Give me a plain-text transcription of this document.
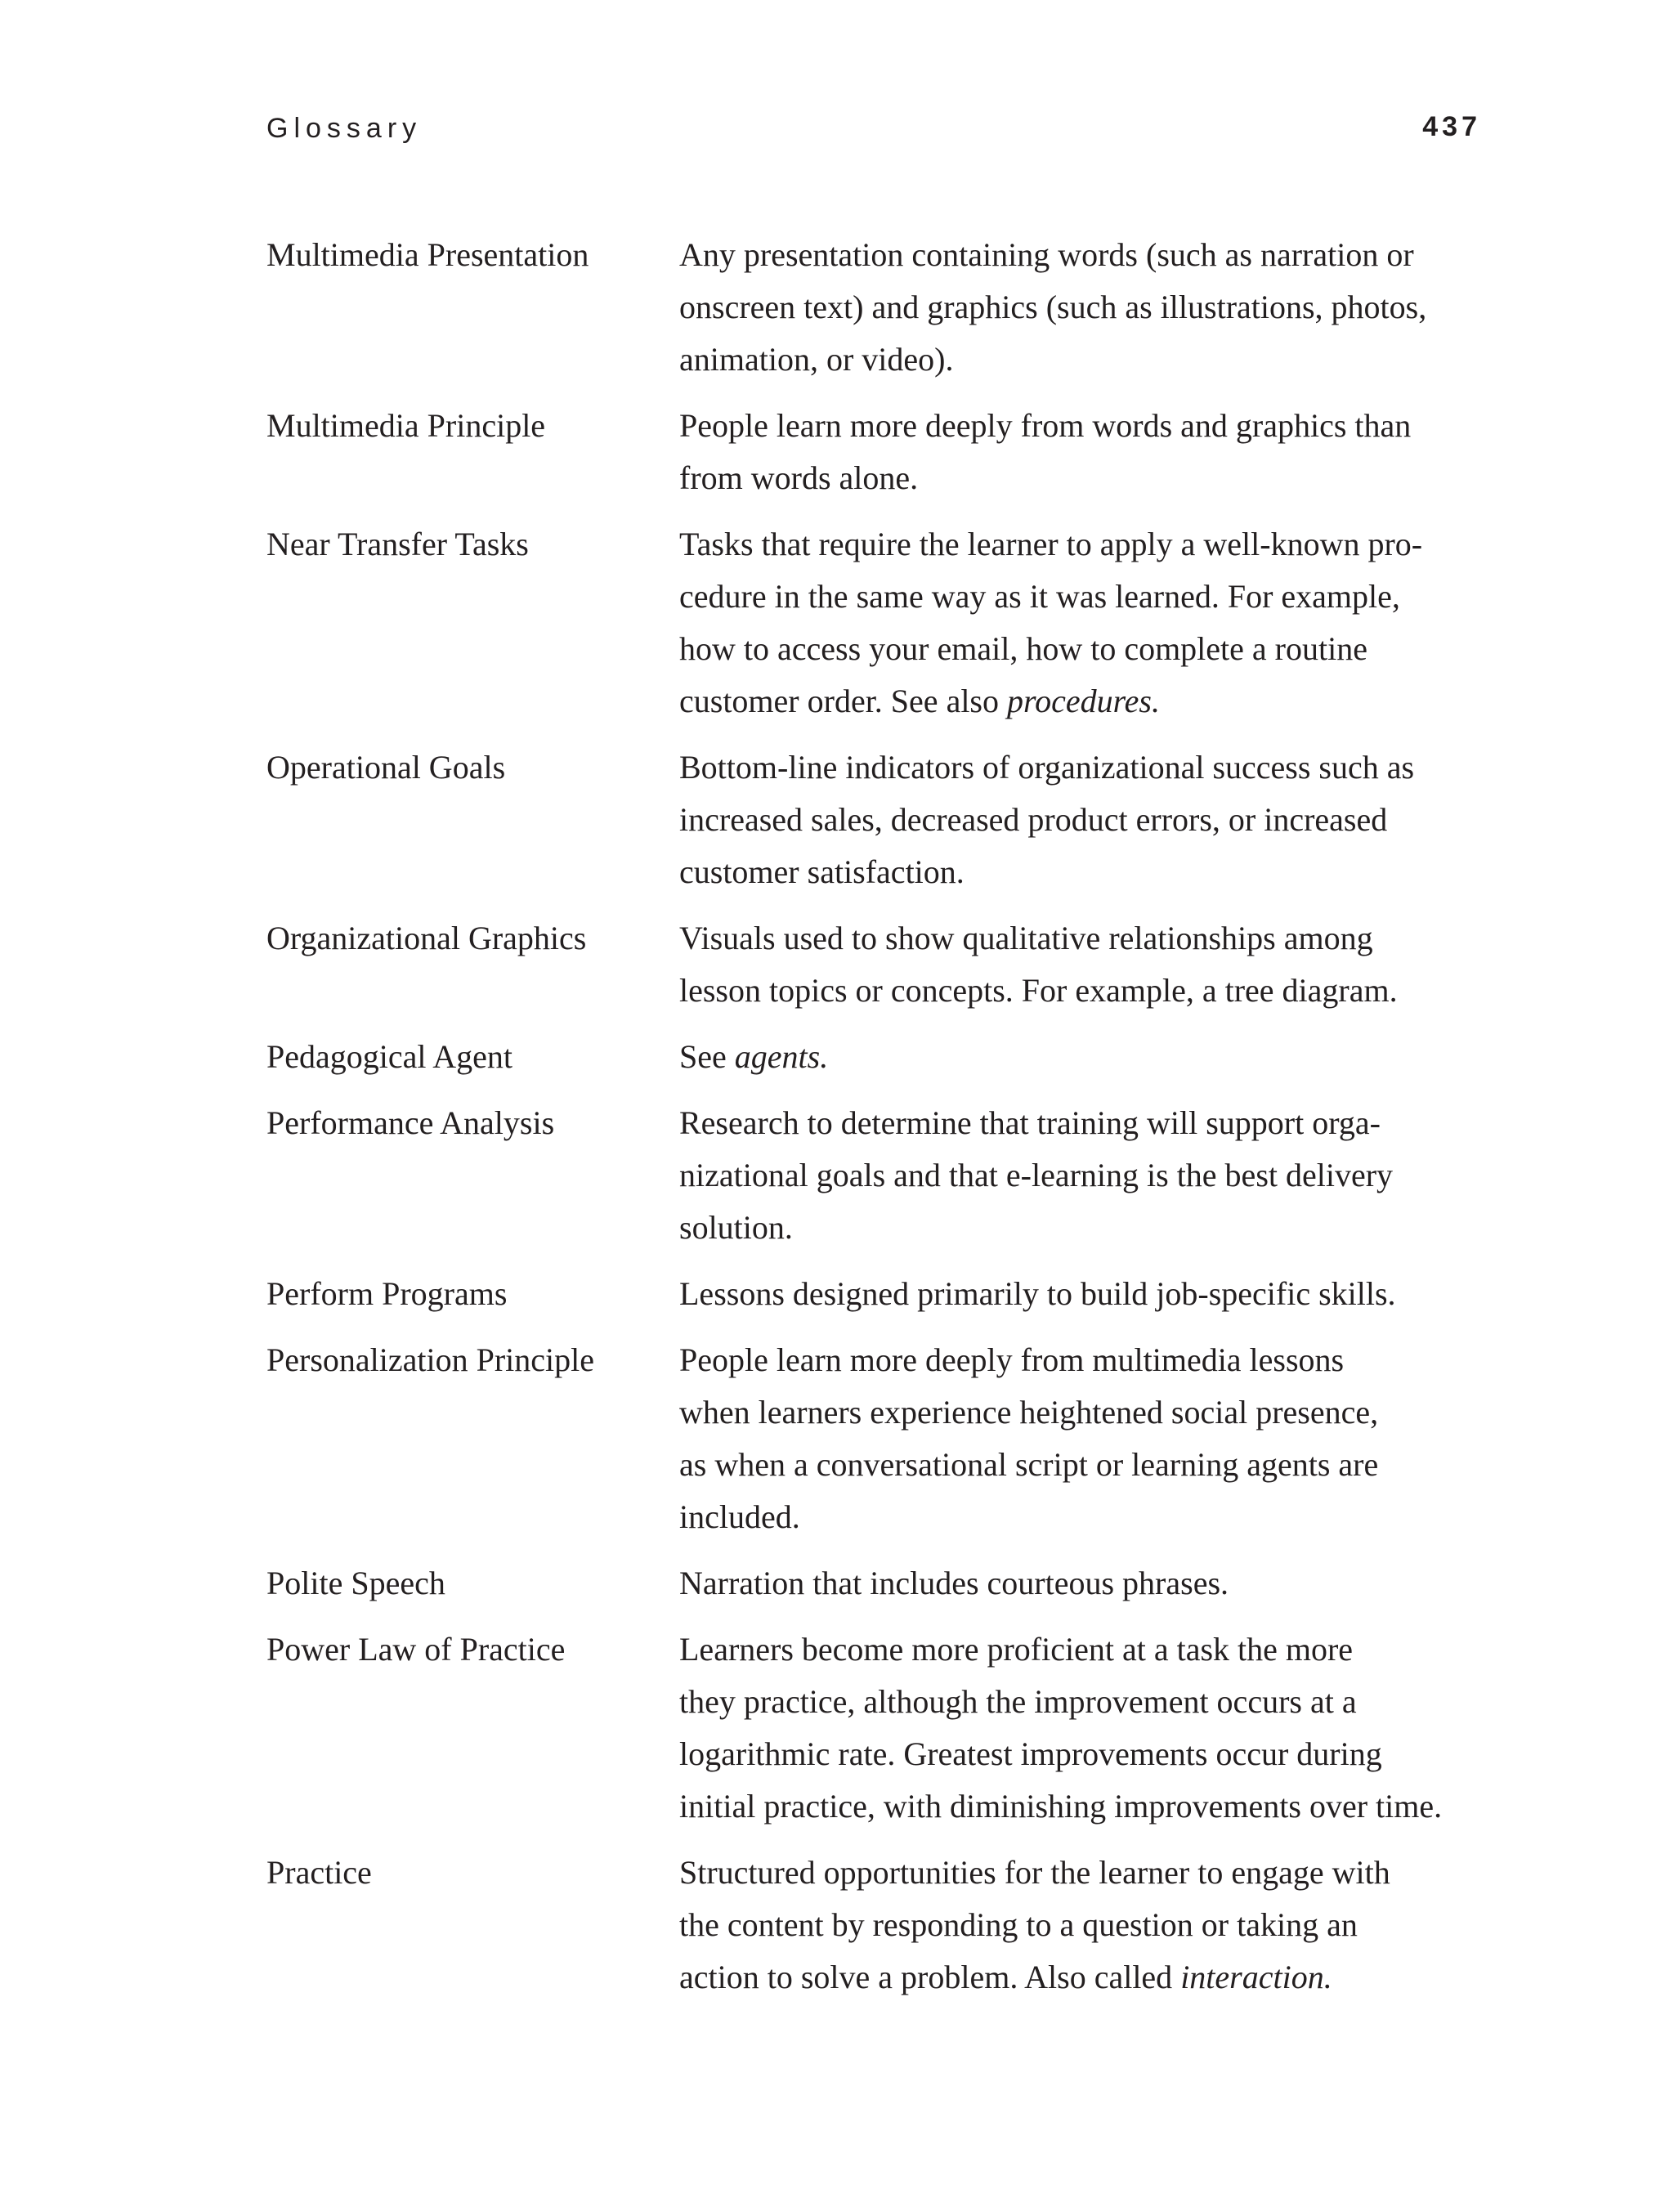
Glossary	437
Multimedia Presentation	Any presentation containing words (such as narration or
onscreen text) and graphics (such as illustrations, photos,
animation, or video).
Multimedia Principle	People learn more deeply from words and graphics than
from words alone.
Near Transfer Tasks	Tasks that require the learner to apply a well-known pro-
cedure in the same way as it was learned. For example,
how to access your email, how to complete a routine
customer order. See also procedures.
Operational Goals	Bottom-line indicators of organizational success such as
increased sales, decreased product errors, or increased
customer satisfaction.
Organizational Graphics	Visuals used to show qualitative relationships among
lesson topics or concepts. For example, a tree diagram.
Pedagogical Agent	See agents.
Performance Analysis	Research to determine that training will support orga-
nizational goals and that e-learning is the best delivery
solution.
Perform Programs	Lessons designed primarily to build job-specific skills.
Personalization Principle	People learn more deeply from multimedia lessons
when learners experience heightened social presence,
as when a conversational script or learning agents are
included.
Polite Speech	Narration that includes courteous phrases.
Power Law of Practice	Learners become more proficient at a task the more
they practice, although the improvement occurs at a
logarithmic rate. Greatest improvements occur during
initial practice, with diminishing improvements over time.
Practice	Structured opportunities for the learner to engage with
the content by responding to a question or taking an
action to solve a problem. Also called interaction.
